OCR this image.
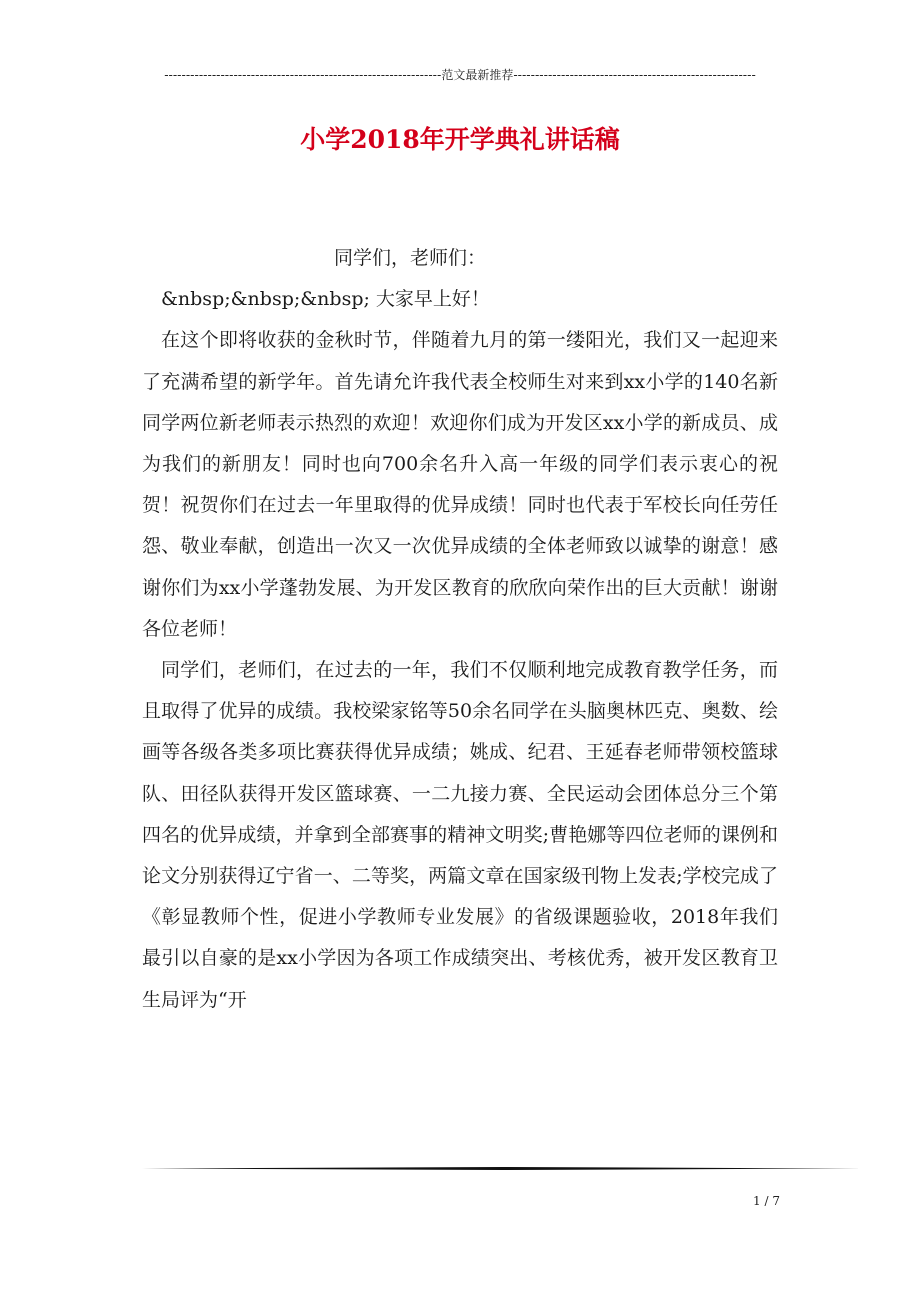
----------------------------------------------------------------范文最新推荐--------------------------------------------------------
小学2018年开学典礼讲话稿

同学们，老师们：

&nbsp;&nbsp;&nbsp; 大家早上好！

在这个即将收获的金秋时节，伴随着九月的第一缕阳光，我们又一起迎来了充满希望的新学年。首先请允许我代表全校师生对来到xx小学的140名新同学两位新老师表示热烈的欢迎！欢迎你们成为开发区xx小学的新成员、成为我们的新朋友！同时也向700余名升入高一年级的同学们表示衷心的祝贺！祝贺你们在过去一年里取得的优异成绩！同时也代表于军校长向任劳任怨、敬业奉献，创造出一次又一次优异成绩的全体老师致以诚挚的谢意！感谢你们为xx小学蓬勃发展、为开发区教育的欣欣向荣作出的巨大贡献！谢谢各位老师！

同学们，老师们，在过去的一年，我们不仅顺利地完成教育教学任务，而且取得了优异的成绩。我校梁家铭等50余名同学在头脑奥林匹克、奥数、绘画等各级各类多项比赛获得优异成绩；姚成、纪君、王延春老师带领校篮球队、田径队获得开发区篮球赛、一二九接力赛、全民运动会团体总分三个第四名的优异成绩，并拿到全部赛事的精神文明奖;曹艳娜等四位老师的课例和论文分别获得辽宁省一、二等奖，两篇文章在国家级刊物上发表;学校完成了《彰显教师个性，促进小学教师专业发展》的省级课题验收，2018年我们最引以自豪的是xx小学因为各项工作成绩突出、考核优秀，被开发区教育卫生局评为“开

1 / 7
